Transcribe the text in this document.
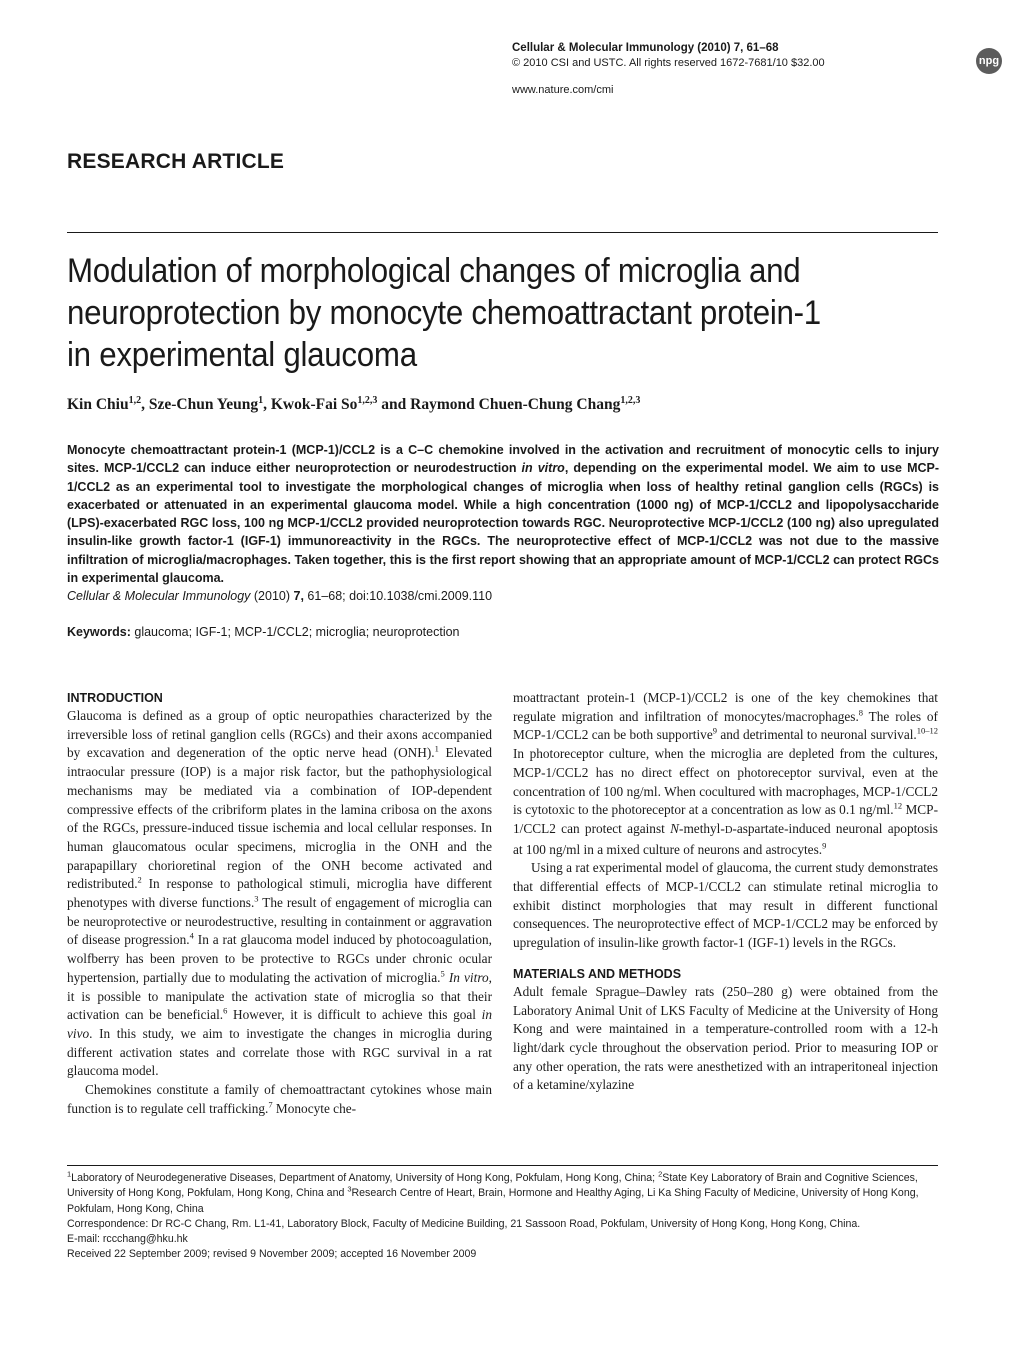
Cellular & Molecular Immunology (2010) 7, 61–68
© 2010 CSI and USTC. All rights reserved 1672-7681/10 $32.00
www.nature.com/cmi
npg
RESEARCH ARTICLE
Modulation of morphological changes of microglia and
neuroprotection by monocyte chemoattractant protein-1
in experimental glaucoma
Kin Chiu$^{1,2}$, Sze-Chun Yeung$^1$, Kwok-Fai So$^{1,2,3}$ and Raymond Chuen-Chung Chang$^{1,2,3}$
Monocyte chemoattractant protein-1 (MCP-1)/CCL2 is a C–C chemokine involved in the activation and recruitment of monocytic cells to injury sites. MCP-1/CCL2 can induce either neuroprotection or neurodestruction in vitro, depending on the experimental model. We aim to use MCP-1/CCL2 as an experimental tool to investigate the morphological changes of microglia when loss of healthy retinal ganglion cells (RGCs) is exacerbated or attenuated in an experimental glaucoma model. While a high concentration (1000 ng) of MCP-1/CCL2 and lipopolysaccharide (LPS)-exacerbated RGC loss, 100 ng MCP-1/CCL2 provided neuroprotection towards RGC. Neuroprotective MCP-1/CCL2 (100 ng) also upregulated insulin-like growth factor-1 (IGF-1) immunoreactivity in the RGCs. The neuroprotective effect of MCP-1/CCL2 was not due to the massive infiltration of microglia/macrophages. Taken together, this is the first report showing that an appropriate amount of MCP-1/CCL2 can protect RGCs in experimental glaucoma.
Cellular & Molecular Immunology (2010) 7, 61–68; doi:10.1038/cmi.2009.110
Keywords: glaucoma; IGF-1; MCP-1/CCL2; microglia; neuroprotection
INTRODUCTION

Glaucoma is defined as a group of optic neuropathies characterized by the irreversible loss of retinal ganglion cells (RGCs) and their axons accompanied by excavation and degeneration of the optic nerve head (ONH).$^1$ Elevated intraocular pressure (IOP) is a major risk factor, but the pathophysiological mechanisms may be mediated via a combination of IOP-dependent compressive effects of the cribriform plates in the lamina cribosa on the axons of the RGCs, pressure-induced tissue ischemia and local cellular responses. In human glaucomatous ocular specimens, microglia in the ONH and the parapapillary chorioretinal region of the ONH become activated and redistributed.$^2$ In response to pathological stimuli, microglia have different phenotypes with diverse functions.$^3$ The result of engagement of microglia can be neuroprotective or neurodestructive, resulting in containment or aggravation of disease progression.$^4$ In a rat glaucoma model induced by photocoagulation, wolfberry has been proven to be protective to RGCs under chronic ocular hypertension, partially due to modulating the activation of microglia.$^5$ In vitro, it is possible to manipulate the activation state of microglia so that their activation can be beneficial.$^6$ However, it is difficult to achieve this goal in vivo. In this study, we aim to investigate the changes in microglia during different activation states and correlate those with RGC survival in a rat glaucoma model.

Chemokines constitute a family of chemoattractant cytokines whose main function is to regulate cell trafficking.$^7$ Monocyte che-

moattractant protein-1 (MCP-1)/CCL2 is one of the key chemokines that regulate migration and infiltration of monocytes/macrophages.$^8$ The roles of MCP-1/CCL2 can be both supportive$^9$ and detrimental to neuronal survival.$^{10-12}$ In photoreceptor culture, when the microglia are depleted from the cultures, MCP-1/CCL2 has no direct effect on photoreceptor survival, even at the concentration of 100 ng/ml. When cocultured with macrophages, MCP-1/CCL2 is cytotoxic to the photoreceptor at a concentration as low as 0.1 ng/ml.$^{12}$ MCP-1/CCL2 can protect against N-methyl-D-aspartate-induced neuronal apoptosis at 100 ng/ml in a mixed culture of neurons and astrocytes.$^9$

Using a rat experimental model of glaucoma, the current study demonstrates that differential effects of MCP-1/CCL2 can stimulate retinal microglia to exhibit distinct morphologies that may result in different functional consequences. The neuroprotective effect of MCP-1/CCL2 may be enforced by upregulation of insulin-like growth factor-1 (IGF-1) levels in the RGCs.

MATERIALS AND METHODS

Adult female Sprague–Dawley rats (250–280 g) were obtained from the Laboratory Animal Unit of LKS Faculty of Medicine at the University of Hong Kong and were maintained in a temperature-controlled room with a 12-h light/dark cycle throughout the observation period. Prior to measuring IOP or any other operation, the rats were anesthetized with an intraperitoneal injection of a ketamine/xylazine

$^1$Laboratory of Neurodegenerative Diseases, Department of Anatomy, University of Hong Kong, Pokfulam, Hong Kong, China; $^2$State Key Laboratory of Brain and Cognitive Sciences, University of Hong Kong, Pokfulam, Hong Kong, China and $^3$Research Centre of Heart, Brain, Hormone and Healthy Aging, Li Ka Shing Faculty of Medicine, University of Hong Kong, Pokfulam, Hong Kong, China

Correspondence: Dr RC-C Chang, Rm. L1-41, Laboratory Block, Faculty of Medicine Building, 21 Sassoon Road, Pokfulam, University of Hong Kong, Hong Kong, China.

E-mail: rccchang@hku.hk

Received 22 September 2009; revised 9 November 2009; accepted 16 November 2009
